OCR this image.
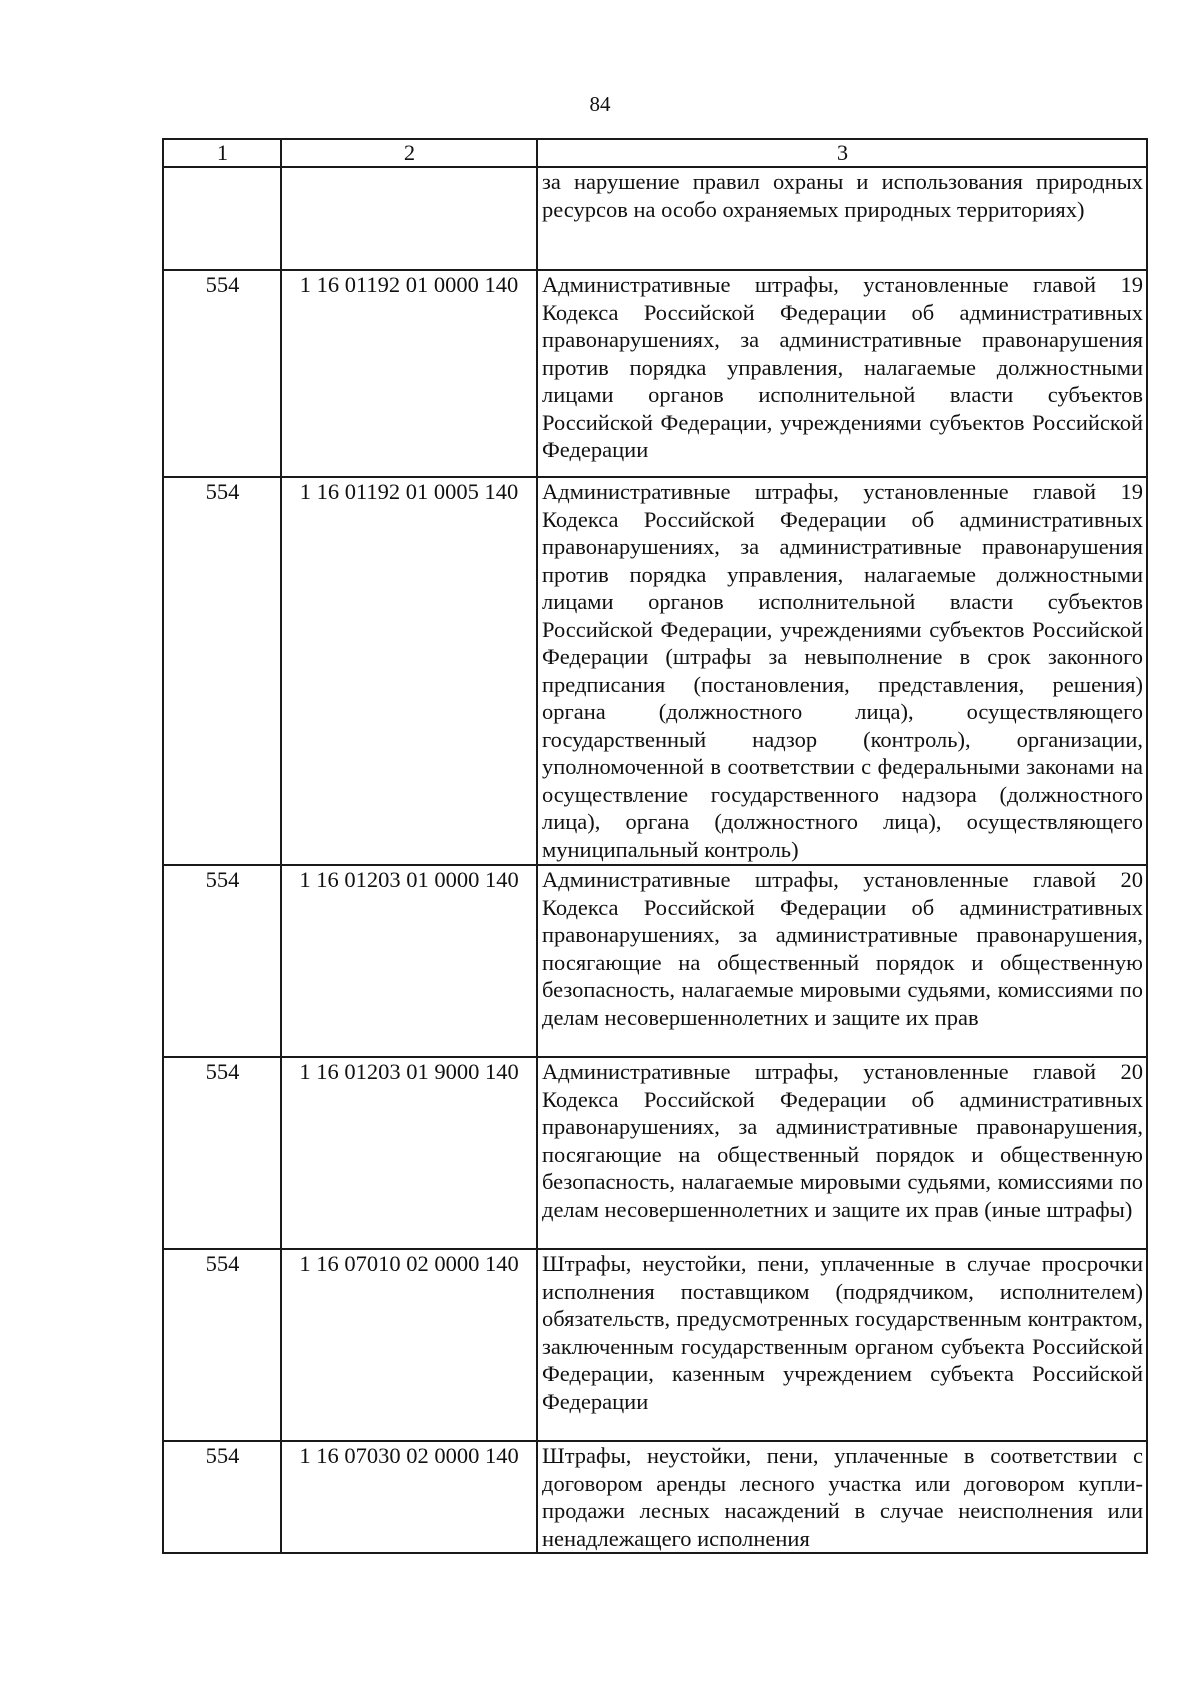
84
1	2	3
		за нарушение правил охраны и использования природных ресурсов на особо охраняемых природных территориях)
554	1 16 01192 01 0000 140	Административные штрафы, установленные главой 19 Кодекса Российской Федерации об административных правонарушениях, за административные правонарушения против порядка управления, налагаемые должностными лицами органов исполнительной власти субъектов Российской Федерации, учреждениями субъектов Российской Федерации
554	1 16 01192 01 0005 140	Административные штрафы, установленные главой 19 Кодекса Российской Федерации об административных правонарушениях, за административные правонарушения против порядка управления, налагаемые должностными лицами органов исполнительной власти субъектов Российской Федерации, учреждениями субъектов Российской Федерации (штрафы за невыполнение в срок законного предписания (постановления, представления, решения) органа (должностного лица), осуществляющего государственный надзор (контроль), организации, уполномоченной в соответствии с федеральными законами на осуществление государственного надзора (должностного лица), органа (должностного лица), осуществляющего муниципальный контроль)
554	1 16 01203 01 0000 140	Административные штрафы, установленные главой 20 Кодекса Российской Федерации об административных правонарушениях, за административные правонарушения, посягающие на общественный порядок и общественную безопасность, налагаемые мировыми судьями, комиссиями по делам несовершеннолетних и защите их прав
554	1 16 01203 01 9000 140	Административные штрафы, установленные главой 20 Кодекса Российской Федерации об административных правонарушениях, за административные правонарушения, посягающие на общественный порядок и общественную безопасность, налагаемые мировыми судьями, комиссиями по делам несовершеннолетних и защите их прав (иные штрафы)
554	1 16 07010 02 0000 140	Штрафы, неустойки, пени, уплаченные в случае просрочки исполнения поставщиком (подрядчиком, исполнителем) обязательств, предусмотренных государственным контрактом, заключенным государственным органом субъекта Российской Федерации, казенным учреждением субъекта Российской Федерации
554	1 16 07030 02 0000 140	Штрафы, неустойки, пени, уплаченные в соответствии с договором аренды лесного участка или договором купли-продажи лесных насаждений в случае неисполнения или ненадлежащего исполнения
